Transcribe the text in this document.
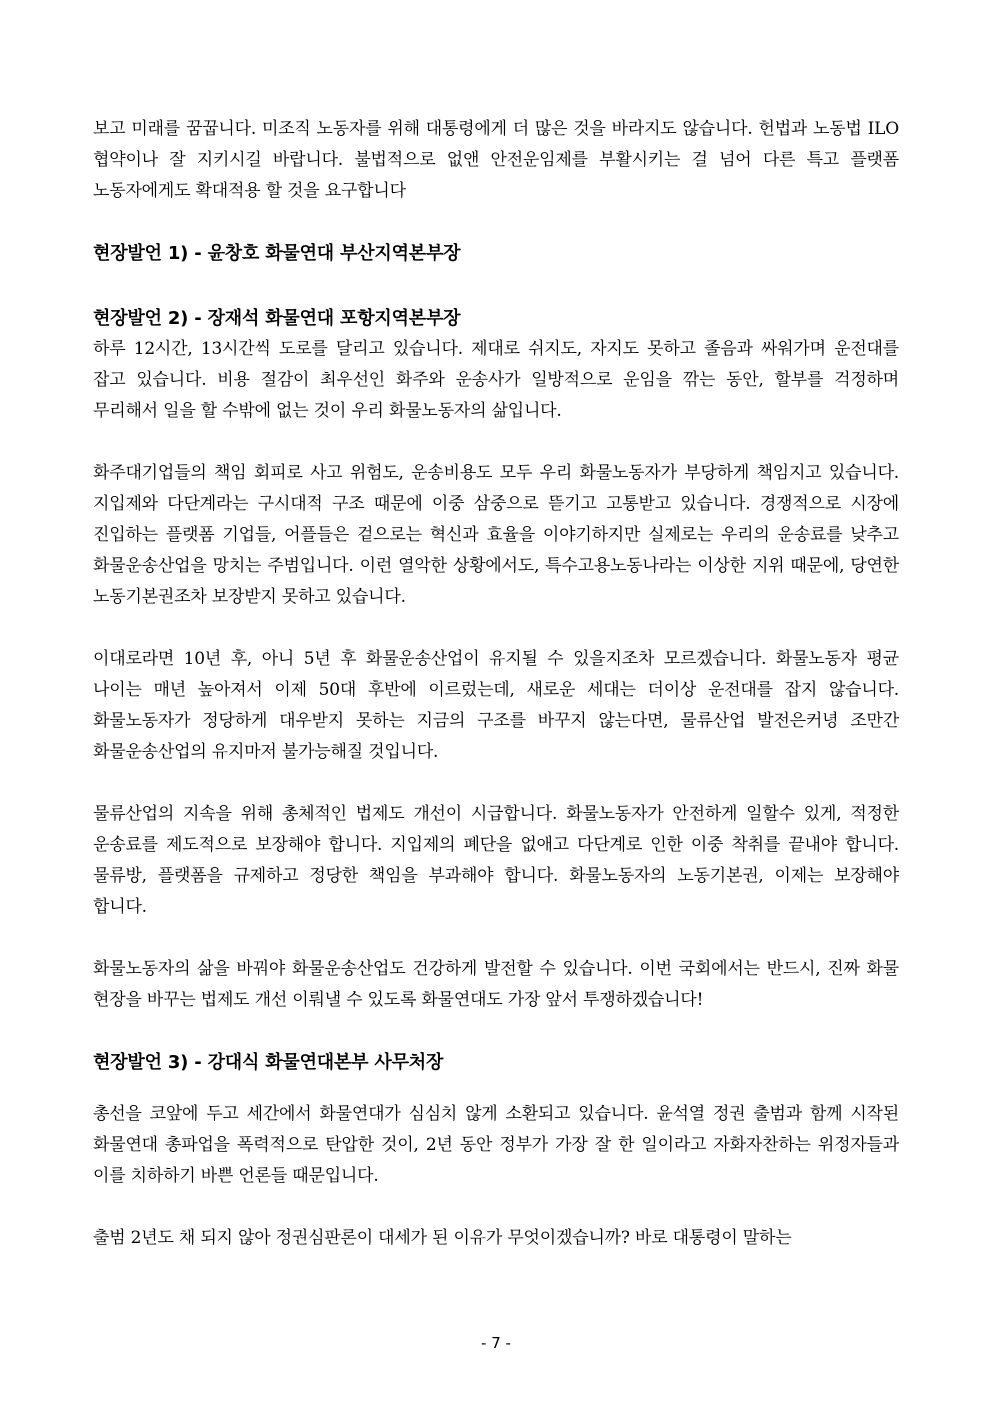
보고 미래를 꿈꿉니다. 미조직 노동자를 위해 대통령에게 더 많은 것을 바라지도 않습니다. 헌법과 노동법 ILO 협약이나 잘 지키시길 바랍니다. 불법적으로 없앤 안전운임제를 부활시키는 걸 넘어 다른 특고 플랫폼 노동자에게도 확대적용 할 것을 요구합니다

현장발언 1) - 윤창호 화물연대 부산지역본부장
현장발언 2) - 장재석 화물연대 포항지역본부장

하루 12시간, 13시간씩 도로를 달리고 있습니다. 제대로 쉬지도, 자지도 못하고 졸음과 싸워가며 운전대를 잡고 있습니다. 비용 절감이 최우선인 화주와 운송사가 일방적으로 운임을 깎는 동안, 할부를 걱정하며 무리해서 일을 할 수밖에 없는 것이 우리 화물노동자의 삶입니다.

화주대기업들의 책임 회피로 사고 위험도, 운송비용도 모두 우리 화물노동자가 부당하게 책임지고 있습니다. 지입제와 다단계라는 구시대적 구조 때문에 이중 삼중으로 뜯기고 고통받고 있습니다. 경쟁적으로 시장에 진입하는 플랫폼 기업들, 어플들은 겉으로는 혁신과 효율을 이야기하지만 실제로는 우리의 운송료를 낮추고 화물운송산업을 망치는 주범입니다. 이런 열악한 상황에서도, 특수고용노동나라는 이상한 지위 때문에, 당연한 노동기본권조차 보장받지 못하고 있습니다.

이대로라면 10년 후, 아니 5년 후 화물운송산업이 유지될 수 있을지조차 모르겠습니다. 화물노동자 평균 나이는 매년 높아져서 이제 50대 후반에 이르렀는데, 새로운 세대는 더이상 운전대를 잡지 않습니다. 화물노동자가 정당하게 대우받지 못하는 지금의 구조를 바꾸지 않는다면, 물류산업 발전은커녕 조만간 화물운송산업의 유지마저 불가능해질 것입니다.

물류산업의 지속을 위해 총체적인 법제도 개선이 시급합니다. 화물노동자가 안전하게 일할수 있게, 적정한 운송료를 제도적으로 보장해야 합니다. 지입제의 폐단을 없애고 다단계로 인한 이중 착취를 끝내야 합니다. 물류방, 플랫폼을 규제하고 정당한 책임을 부과해야 합니다. 화물노동자의 노동기본권, 이제는 보장해야 합니다.

화물노동자의 삶을 바꿔야 화물운송산업도 건강하게 발전할 수 있습니다. 이번 국회에서는 반드시, 진짜 화물 현장을 바꾸는 법제도 개선 이뤄낼 수 있도록 화물연대도 가장 앞서 투쟁하겠습니다!

현장발언 3) - 강대식 화물연대본부 사무처장

총선을 코앞에 두고 세간에서 화물연대가 심심치 않게 소환되고 있습니다. 윤석열 정권 출범과 함께 시작된 화물연대 총파업을 폭력적으로 탄압한 것이, 2년 동안 정부가 가장 잘 한 일이라고 자화자찬하는 위정자들과 이를 치하하기 바쁜 언론들 때문입니다.

출범 2년도 채 되지 않아 정권심판론이 대세가 된 이유가 무엇이겠습니까? 바로 대통령이 말하는

- 7 -
